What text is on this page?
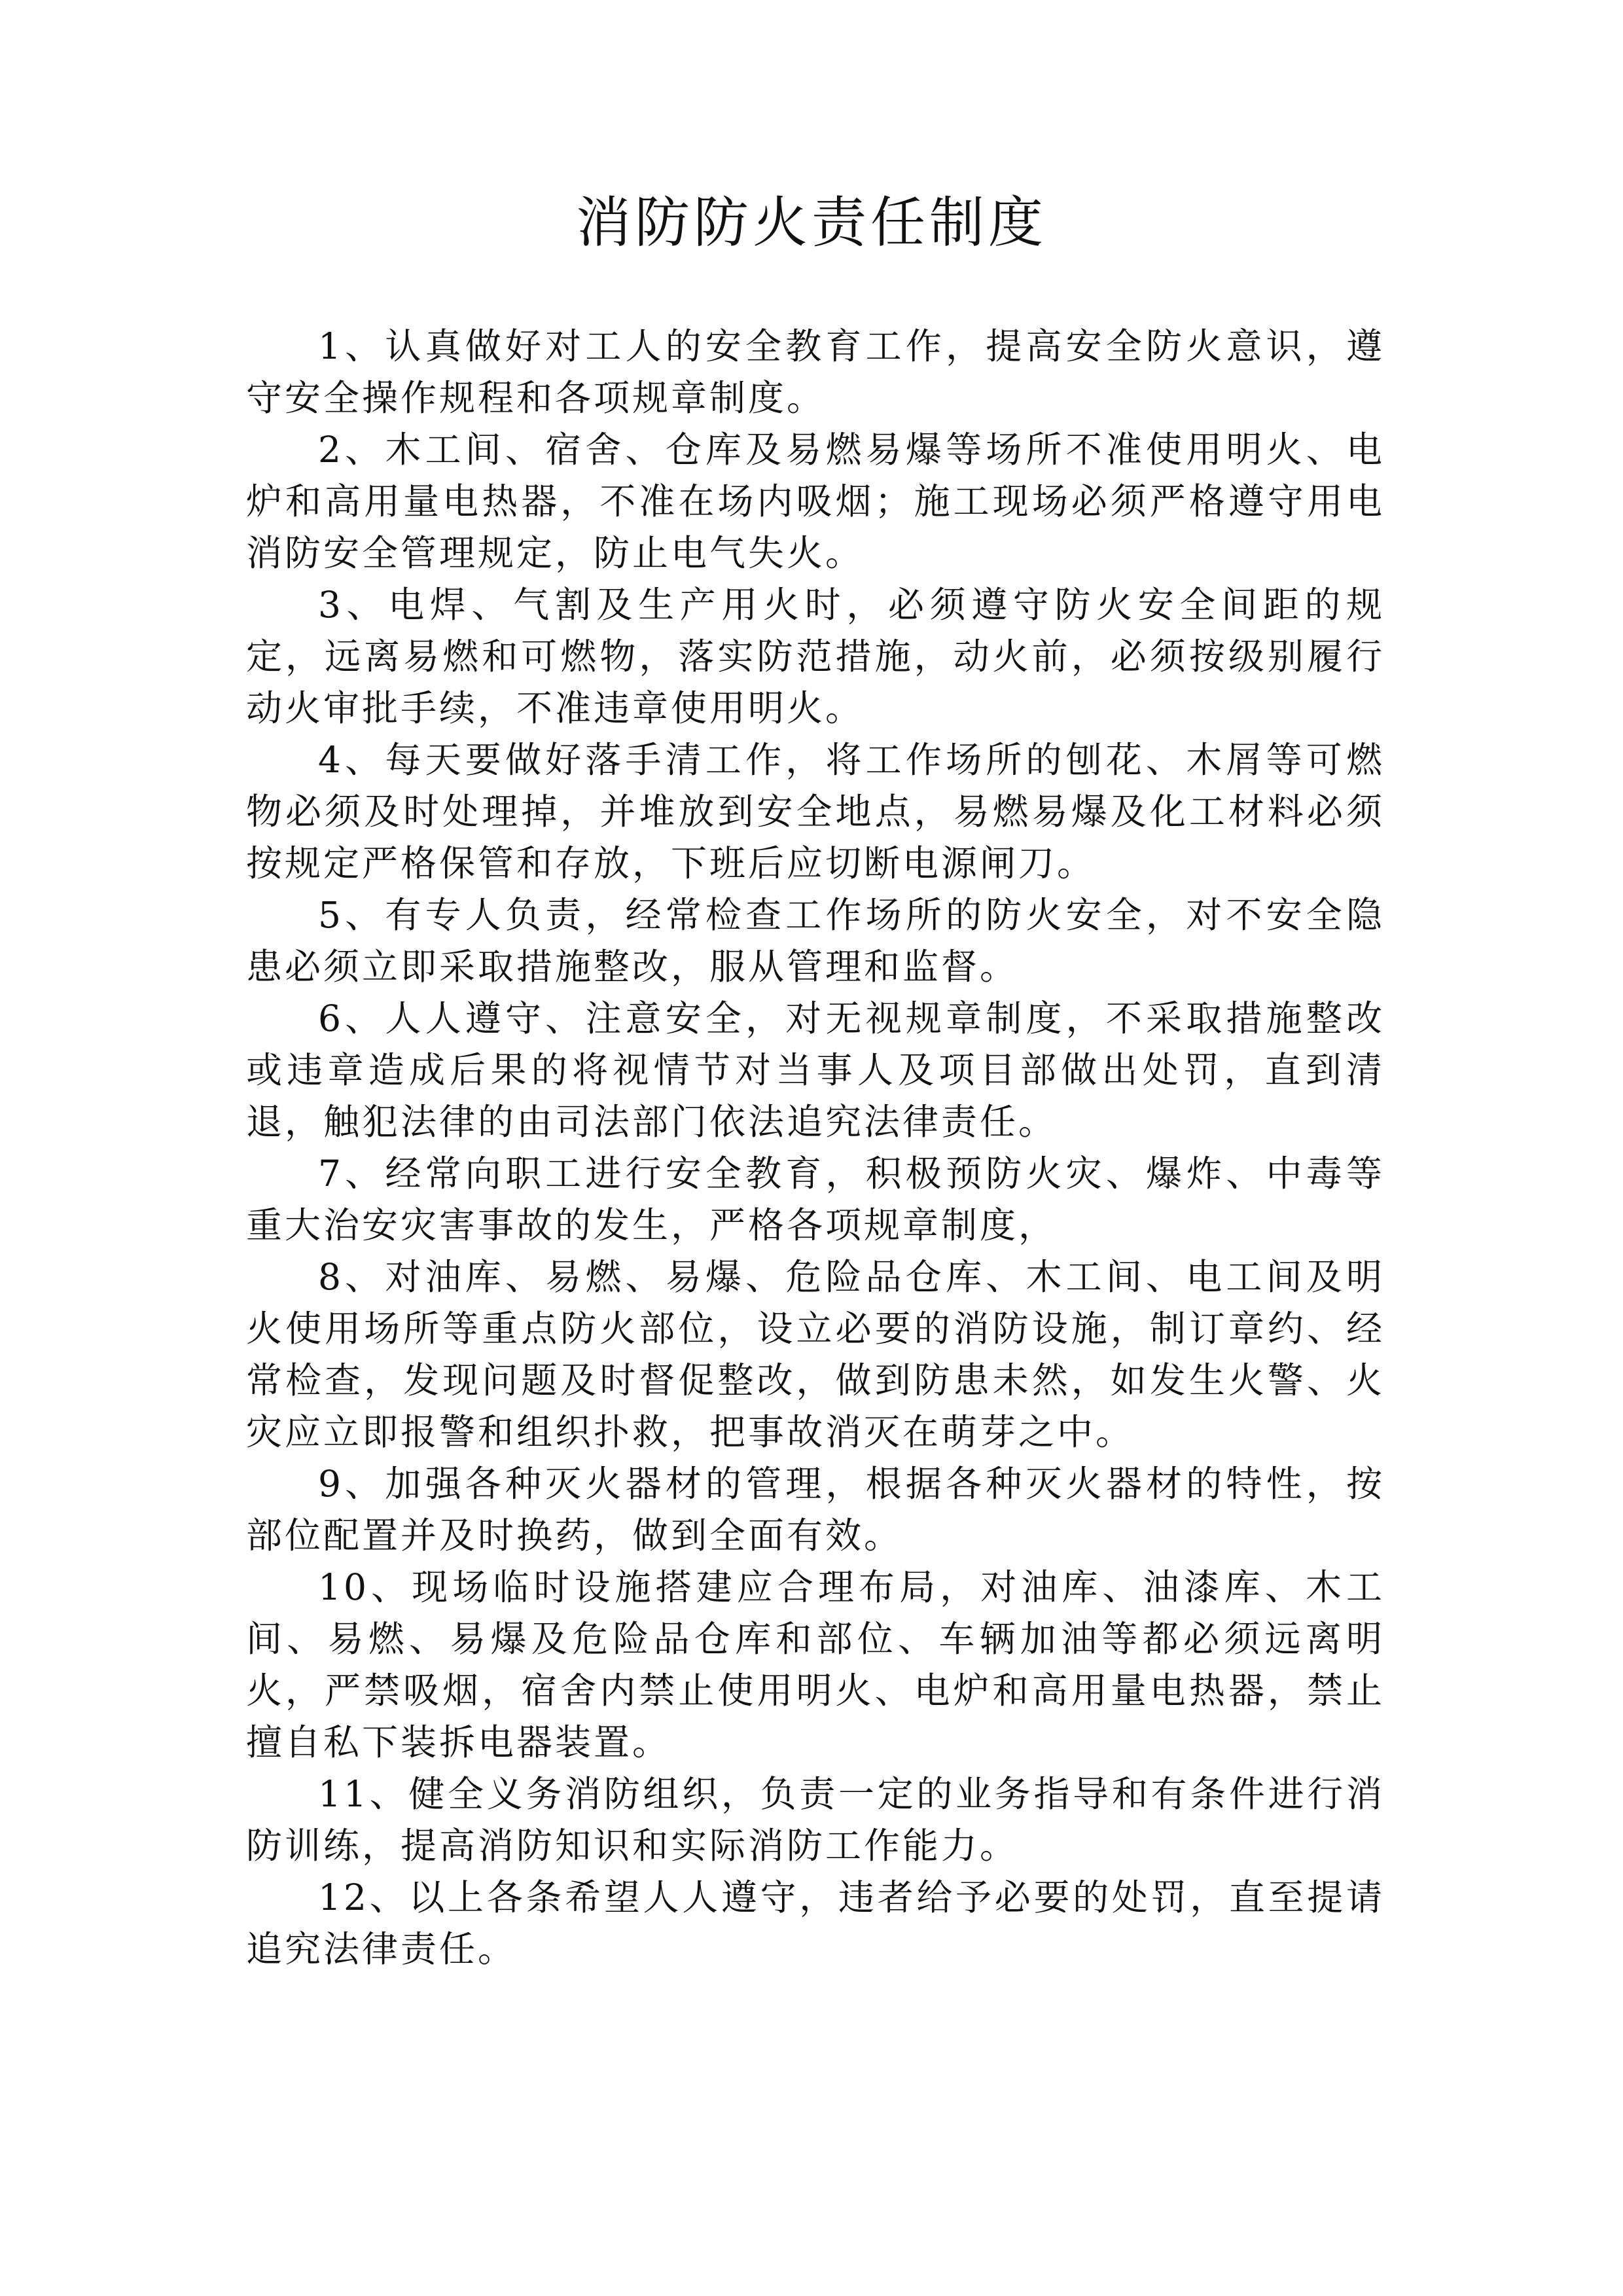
消防防火责任制度

1、认真做好对工人的安全教育工作，提高安全防火意识，遵守安全操作规程和各项规章制度。

2、木工间、宿舍、仓库及易燃易爆等场所不准使用明火、电炉和高用量电热器，不准在场内吸烟；施工现场必须严格遵守用电消防安全管理规定，防止电气失火。

3、电焊、气割及生产用火时，必须遵守防火安全间距的规定，远离易燃和可燃物，落实防范措施，动火前，必须按级别履行动火审批手续，不准违章使用明火。

4、每天要做好落手清工作，将工作场所的刨花、木屑等可燃物必须及时处理掉，并堆放到安全地点，易燃易爆及化工材料必须按规定严格保管和存放，下班后应切断电源闸刀。

5、有专人负责，经常检查工作场所的防火安全，对不安全隐患必须立即采取措施整改，服从管理和监督。

6、人人遵守、注意安全，对无视规章制度，不采取措施整改或违章造成后果的将视情节对当事人及项目部做出处罚，直到清退，触犯法律的由司法部门依法追究法律责任。

7、经常向职工进行安全教育，积极预防火灾、爆炸、中毒等重大治安灾害事故的发生，严格各项规章制度，

8、对油库、易燃、易爆、危险品仓库、木工间、电工间及明火使用场所等重点防火部位，设立必要的消防设施，制订章约、经常检查，发现问题及时督促整改，做到防患未然，如发生火警、火灾应立即报警和组织扑救，把事故消灭在萌芽之中。

9、加强各种灭火器材的管理，根据各种灭火器材的特性，按部位配置并及时换药，做到全面有效。

10、现场临时设施搭建应合理布局，对油库、油漆库、木工间、易燃、易爆及危险品仓库和部位、车辆加油等都必须远离明火，严禁吸烟，宿舍内禁止使用明火、电炉和高用量电热器，禁止擅自私下装拆电器装置。

11、健全义务消防组织，负责一定的业务指导和有条件进行消防训练，提高消防知识和实际消防工作能力。

12、以上各条希望人人遵守，违者给予必要的处罚，直至提请追究法律责任。
